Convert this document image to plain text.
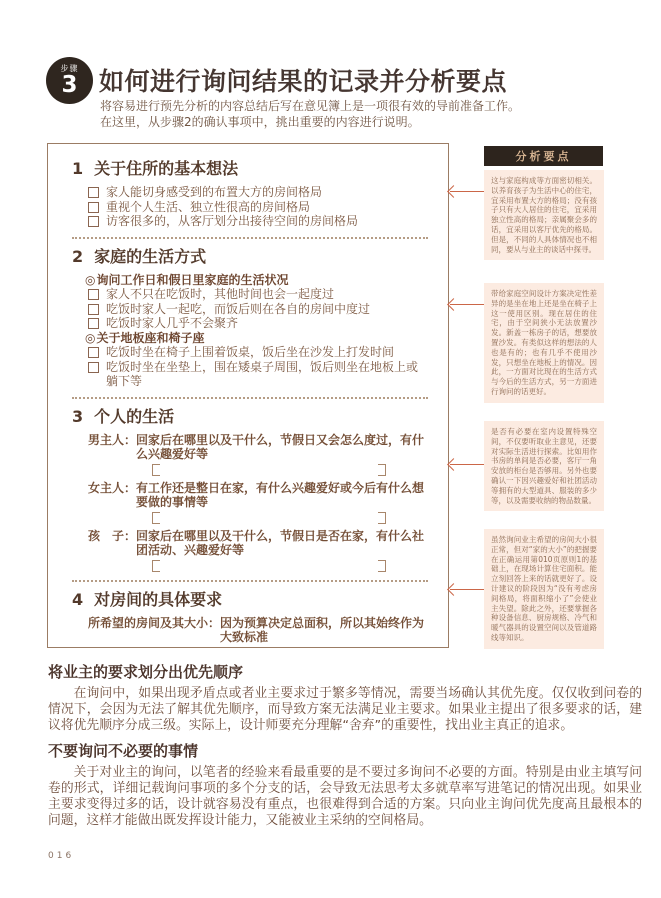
步骤
3 如何进行询问结果的记录并分析要点
将容易进行预先分析的内容总结后写在意见簿上是一项很有效的导前准备工作。在这里，从步骤2的确认事项中，挑出重要的内容进行说明。
1 关于住所的基本想法
家人能切身感受到的布置大方的房间格局
重视个人生活、独立性很高的房间格局
访客很多的，从客厅划分出接待空间的房间格局
2 家庭的生活方式
◎ 询问工作日和假日里家庭的生活状况
家人不只在吃饭时，其他时间也会一起度过
吃饭时家人一起吃，而饭后则在各自的房间中度过
吃饭时家人几乎不会聚齐
◎ 关于地板座和椅子座
吃饭时坐在椅子上围着饭桌，饭后坐在沙发上打发时间
吃饭时坐在坐垫上，围在矮桌子周围，饭后则坐在地板上或躺下等
3 个人的生活
男主人： 回家后在哪里以及干什么，节假日又会怎么度过，有什么兴趣爱好等
女主人： 有工作还是整日在家，有什么兴趣爱好或今后有什么想要做的事情等
孩　子： 回家后在哪里以及干什么，节假日是否在家，有什么社团活动、兴趣爱好等
4 对房间的具体要求
所希望的房间及其大小： 因为预算决定总面积，所以其始终作为大致标准
分析要点
这与家庭构成等方面密切相关。以养育孩子为生活中心的住宅，宜采用布置大方的格局；没有孩子只有大人居住的住宅，宜采用独立性高的格局；亲属聚会多的话，宜采用以客厅优先的格局。但是，不同的人具体情况也不相同，要从与业主的谈话中探寻。
带给家庭空间设计方案决定性差异的是坐在地上还是坐在椅子上这一使用区别。现在居住的住宅，由于空间狭小无法放置沙发。新盖一栋房子的话，想要放置沙发。有类似这样的想法的人也是有的；也有几乎不使用沙发，只想坐在地板上的情况。因此，一方面对比现在的生活方式与今后的生活方式，另一方面进行询问的话更好。
是否有必要在室内设置特殊空间，不仅要听取业主意见，还要对实际生活进行探索。比如用作书房的单间是否必要，客厅一角安放的柜台是否够用。另外也要确认一下因兴趣爱好和社团活动等拥有的大型道具、服装的多少等，以及需要收纳的物品数量。
虽然询问业主希望的房间大小很正常，但对“家的大小”的把握要在正确运用第010页原则1的基础上，在现场计算住宅面积。能立刻回答上来的话就更好了。设计建议的阶段因为“没有考虑房间格局，将面积缩小了”会使业主失望。除此之外，还要掌握各种设备信息、厨房规格、冷气和暖气器具的设置空间以及管道路线等知识。
将业主的要求划分出优先顺序

在询问中，如果出现矛盾点或者业主要求过于繁多等情况，需要当场确认其优先度。仅仅收到问卷的情况下，会因为无法了解其优先顺序，而导致方案无法满足业主要求。如果业主提出了很多要求的话，建议将优先顺序分成三级。实际上，设计师要充分理解“舍弃”的重要性，找出业主真正的追求。

不要询问不必要的事情

关于对业主的询问，以笔者的经验来看最重要的是不要过多询问不必要的方面。特别是由业主填写问卷的形式，详细记载询问事项的多个分支的话，会导致无法思考太多就草率写进笔记的情况出现。如果业主要求变得过多的话，设计就容易没有重点，也很难得到合适的方案。只向业主询问优先度高且最根本的问题，这样才能做出既发挥设计能力，又能被业主采纳的空间格局。

016
